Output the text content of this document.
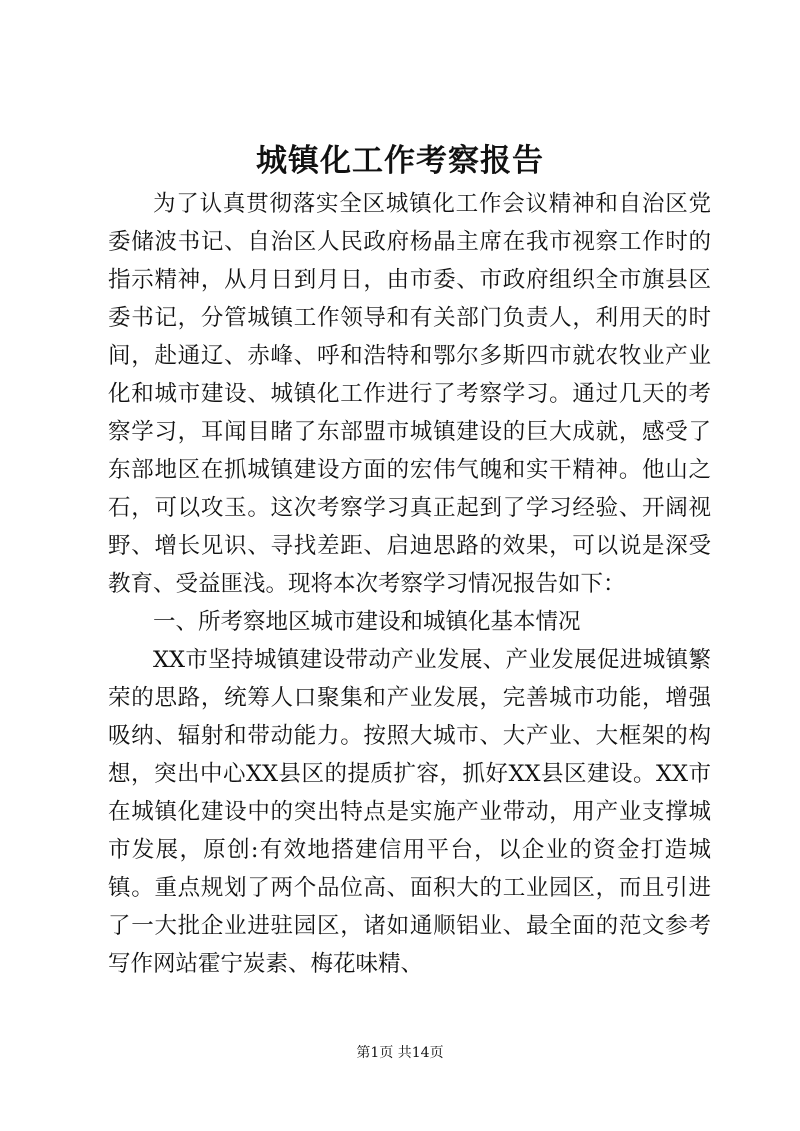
城镇化工作考察报告

为了认真贯彻落实全区城镇化工作会议精神和自治区党委储波书记、自治区人民政府杨晶主席在我市视察工作时的指示精神，从月日到月日，由市委、市政府组织全市旗县区委书记，分管城镇工作领导和有关部门负责人，利用天的时间，赴通辽、赤峰、呼和浩特和鄂尔多斯四市就农牧业产业化和城市建设、城镇化工作进行了考察学习。通过几天的考察学习，耳闻目睹了东部盟市城镇建设的巨大成就，感受了东部地区在抓城镇建设方面的宏伟气魄和实干精神。他山之石，可以攻玉。这次考察学习真正起到了学习经验、开阔视野、增长见识、寻找差距、启迪思路的效果，可以说是深受教育、受益匪浅。现将本次考察学习情况报告如下：

一、所考察地区城市建设和城镇化基本情况

XX市坚持城镇建设带动产业发展、产业发展促进城镇繁荣的思路，统筹人口聚集和产业发展，完善城市功能，增强吸纳、辐射和带动能力。按照大城市、大产业、大框架的构想，突出中心XX县区的提质扩容，抓好XX县区建设。XX市在城镇化建设中的突出特点是实施产业带动，用产业支撑城市发展，原创:有效地搭建信用平台，以企业的资金打造城镇。重点规划了两个品位高、面积大的工业园区，而且引进了一大批企业进驻园区，诸如通顺铝业、最全面的范文参考写作网站霍宁炭素、梅花味精、

第1页 共14页
